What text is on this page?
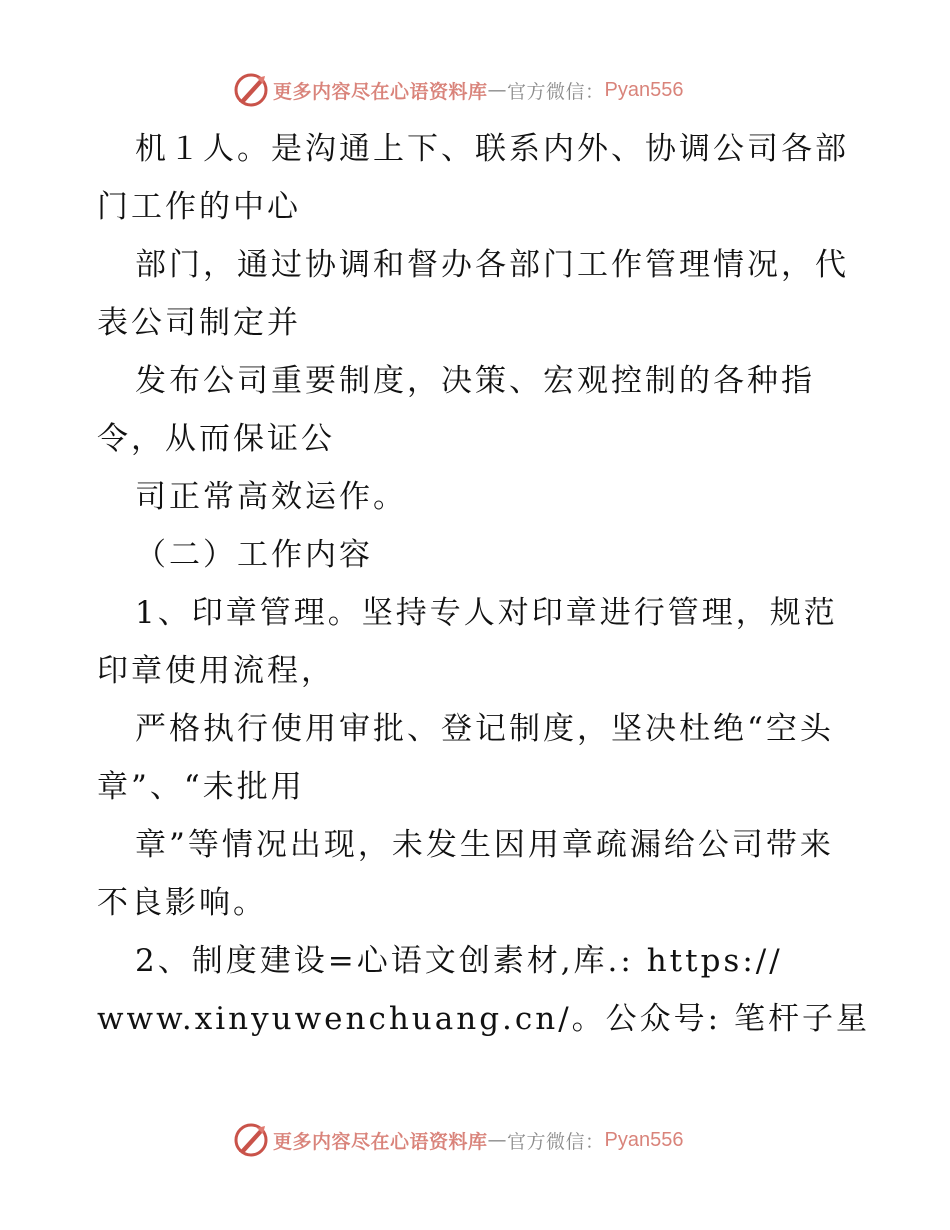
更多内容尽在心语资料库 — 官方微信： Pyan556
机１人。是沟通上下、联系内外、协调公司各部
门工作的中心
部门，通过协调和督办各部门工作管理情况，代
表公司制定并
发布公司重要制度，决策、宏观控制的各种指
令，从而保证公
司正常高效运作。
（二）工作内容
1、印章管理。坚持专人对印章进行管理，规范
印章使用流程，
严格执行使用审批、登记制度，坚决杜绝“空头
章”、“未批用
章”等情况出现，未发生因用章疏漏给公司带来
不良影响。
2、制度建设=心语文创素材,库.: https://
www.xinyuwenchuang.cn/。公众号: 笔杆子星
更多内容尽在心语资料库 — 官方微信： Pyan556
